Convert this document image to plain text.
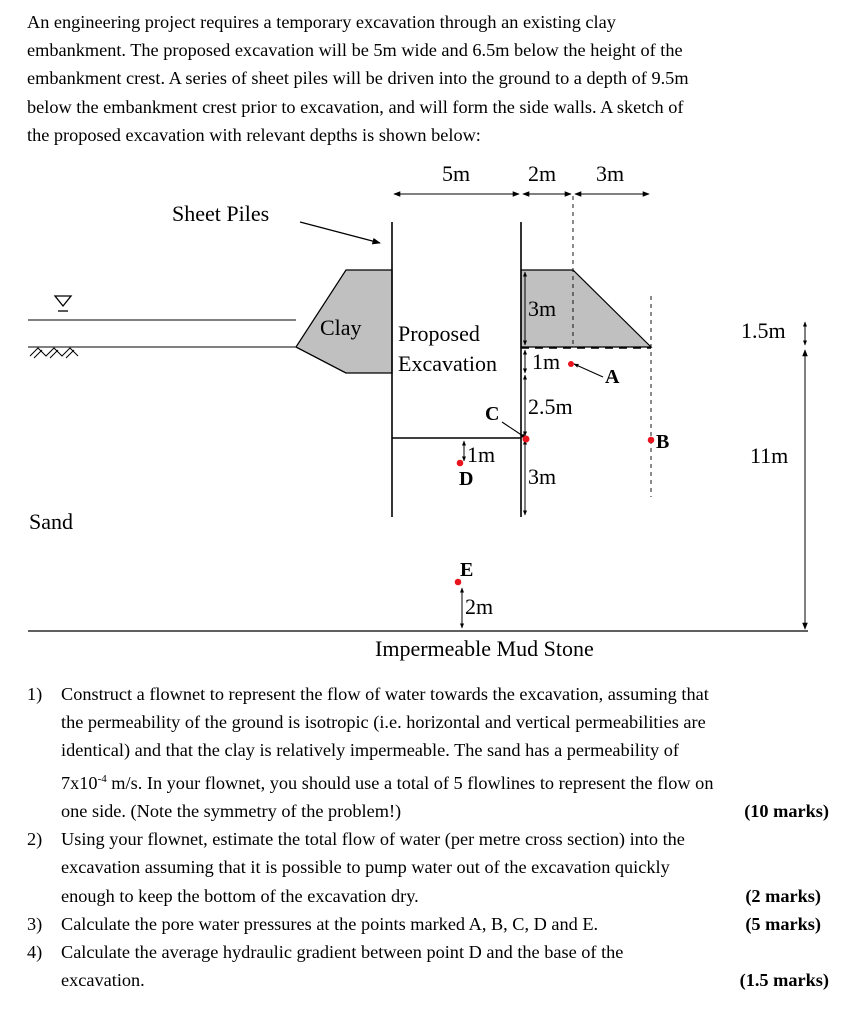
An engineering project requires a temporary excavation through an existing clay
embankment. The proposed excavation will be 5m wide and 6.5m below the height of the
embankment crest. A series of sheet piles will be driven into the ground to a depth of 9.5m
below the embankment crest prior to excavation, and will form the side walls. A sketch of
the proposed excavation with relevant depths is shown below:
5m	2m 3m
Sheet Piles
Clay Proposed
Excavation
3m
1m
A
1.5m
C 2.5m
B
11m
1m
D 3m
Sand
E
2m
Impermeable Mud Stone
1) Construct a flownet to represent the flow of water towards the excavation, assuming that
the permeability of the ground is isotropic (i.e. horizontal and vertical permeabilities are
identical) and that the clay is relatively impermeable. The sand has a permeability of
$7x10^{-4}$ m/s. In your flownet, you should use a total of 5 flowlines to represent the flow on
one side. (Note the symmetry of the problem!)	(10 marks)
2) Using your flownet, estimate the total flow of water (per metre cross section) into the
excavation assuming that it is possible to pump water out of the excavation quickly
enough to keep the bottom of the excavation dry.	(2 marks)
3) Calculate the pore water pressures at the points marked A, B, C, D and E.	(5 marks)
4) Calculate the average hydraulic gradient between point D and the base of the
excavation.	(1.5 marks)
